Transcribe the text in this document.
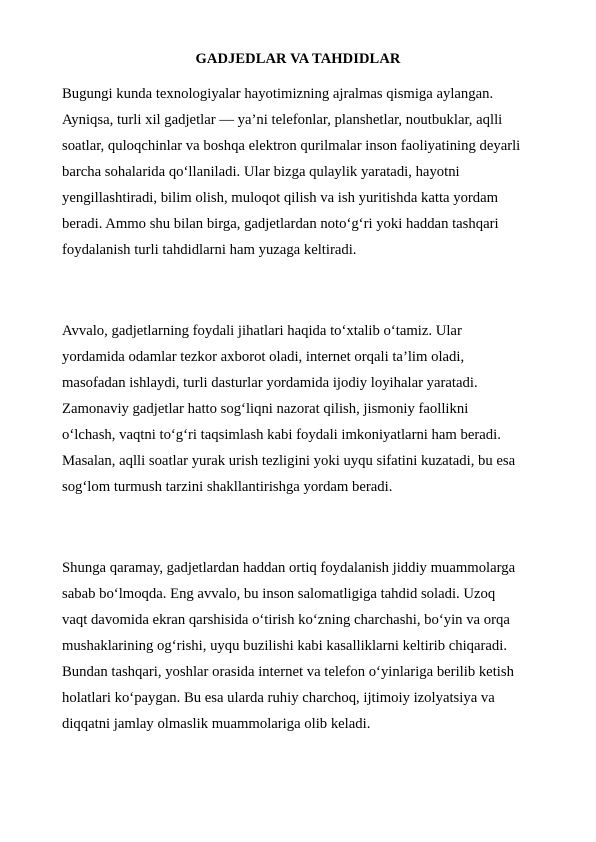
GADJEDLAR VA TAHDIDLAR

Bugungi kunda texnologiyalar hayotimizning ajralmas qismiga aylangan.
Ayniqsa, turli xil gadjetlar — ya’ni telefonlar, planshetlar, noutbuklar, aqlli
soatlar, quloqchinlar va boshqa elektron qurilmalar inson faoliyatining deyarli
barcha sohalarida qo‘llaniladi. Ular bizga qulaylik yaratadi, hayotni
yengillashtiradi, bilim olish, muloqot qilish va ish yuritishda katta yordam
beradi. Ammo shu bilan birga, gadjetlardan noto‘g‘ri yoki haddan tashqari
foydalanish turli tahdidlarni ham yuzaga keltiradi.

Avvalo, gadjetlarning foydali jihatlari haqida to‘xtalib o‘tamiz. Ular
yordamida odamlar tezkor axborot oladi, internet orqali ta’lim oladi,
masofadan ishlaydi, turli dasturlar yordamida ijodiy loyihalar yaratadi.
Zamonaviy gadjetlar hatto sog‘liqni nazorat qilish, jismoniy faollikni
o‘lchash, vaqtni to‘g‘ri taqsimlash kabi foydali imkoniyatlarni ham beradi.
Masalan, aqlli soatlar yurak urish tezligini yoki uyqu sifatini kuzatadi, bu esa
sog‘lom turmush tarzini shakllantirishga yordam beradi.

Shunga qaramay, gadjetlardan haddan ortiq foydalanish jiddiy muammolarga
sabab bo‘lmoqda. Eng avvalo, bu inson salomatligiga tahdid soladi. Uzoq
vaqt davomida ekran qarshisida o‘tirish ko‘zning charchashi, bo‘yin va orqa
mushaklarining og‘rishi, uyqu buzilishi kabi kasalliklarni keltirib chiqaradi.
Bundan tashqari, yoshlar orasida internet va telefon o‘yinlariga berilib ketish
holatlari ko‘paygan. Bu esa ularda ruhiy charchoq, ijtimoiy izolyatsiya va
diqqatni jamlay olmaslik muammolariga olib keladi.
